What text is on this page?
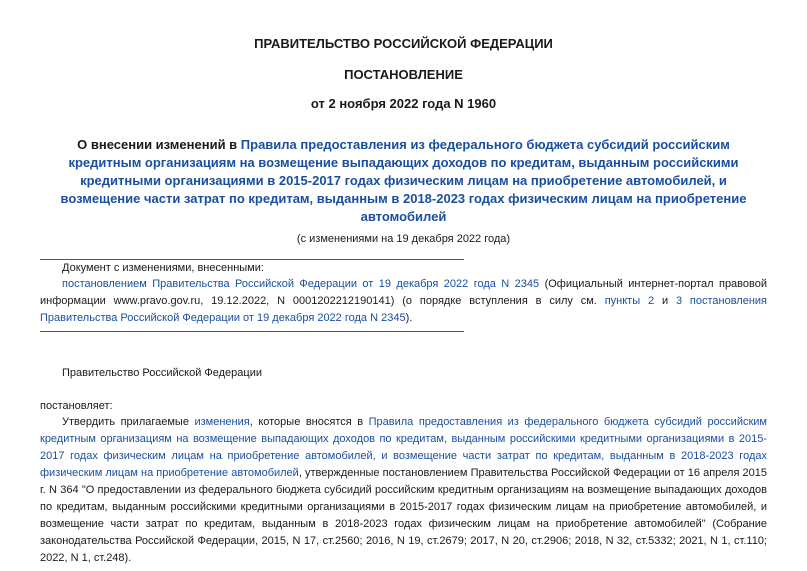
ПРАВИТЕЛЬСТВО РОССИЙСКОЙ ФЕДЕРАЦИИ
ПОСТАНОВЛЕНИЕ
от 2 ноября 2022 года N 1960
О внесении изменений в Правила предоставления из федерального бюджета субсидий российским кредитным организациям на возмещение выпадающих доходов по кредитам, выданным российскими кредитными организациями в 2015-2017 годах физическим лицам на приобретение автомобилей, и возмещение части затрат по кредитам, выданным в 2018-2023 годах физическим лицам на приобретение автомобилей
(с изменениями на 19 декабря 2022 года)
Документ с изменениями, внесенными:
постановлением Правительства Российской Федерации от 19 декабря 2022 года N 2345 (Официальный интернет-портал правовой информации www.pravo.gov.ru, 19.12.2022, N 0001202212190141) (о порядке вступления в силу см. пункты 2 и 3 постановления Правительства Российской Федерации от 19 декабря 2022 года N 2345).
Правительство Российской Федерации
постановляет:
Утвердить прилагаемые изменения, которые вносятся в Правила предоставления из федерального бюджета субсидий российским кредитным организациям на возмещение выпадающих доходов по кредитам, выданным российскими кредитными организациями в 2015-2017 годах физическим лицам на приобретение автомобилей, и возмещение части затрат по кредитам, выданным в 2018-2023 годах физическим лицам на приобретение автомобилей, утвержденные постановлением Правительства Российской Федерации от 16 апреля 2015 г. N 364 "О предоставлении из федерального бюджета субсидий российским кредитным организациям на возмещение выпадающих доходов по кредитам, выданным российскими кредитными организациями в 2015-2017 годах физическим лицам на приобретение автомобилей, и возмещение части затрат по кредитам, выданным в 2018-2023 годах физическим лицам на приобретение автомобилей" (Собрание законодательства Российской Федерации, 2015, N 17, ст.2560; 2016, N 19, ст.2679; 2017, N 20, ст.2906; 2018, N 32, ст.5332; 2021, N 1, ст.110; 2022, N 1, ст.248).
